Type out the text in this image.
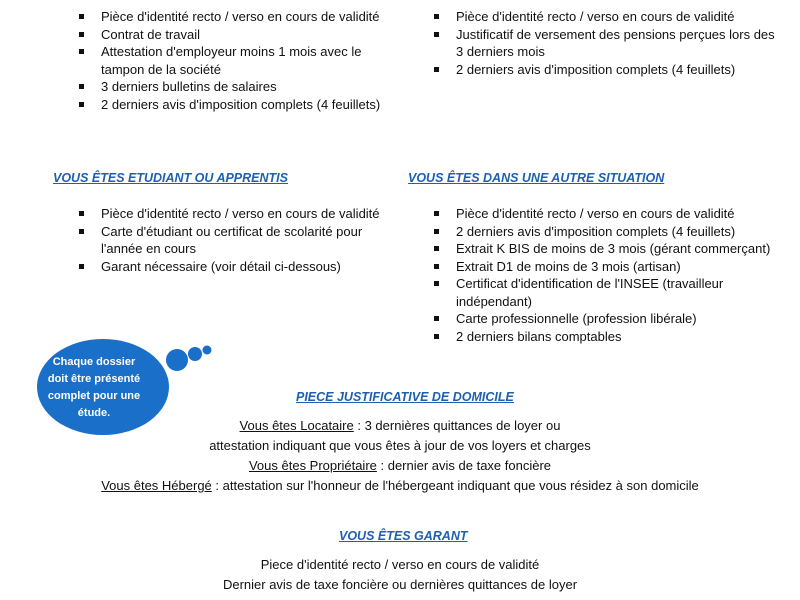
Pièce d'identité recto / verso en cours de validité
Contrat de travail
Attestation d'employeur moins 1 mois avec le tampon de la société
3 derniers bulletins de salaires
2 derniers avis d'imposition complets (4 feuillets)
Pièce d'identité recto / verso en cours de validité
Justificatif de versement des pensions perçues lors des 3 derniers mois
2 derniers avis d'imposition complets (4 feuillets)
VOUS ÊTES ETUDIANT OU APPRENTIS
Pièce d'identité recto / verso en cours de validité
Carte d'étudiant ou certificat de scolarité pour l'année en cours
Garant nécessaire (voir détail ci-dessous)
VOUS ÊTES DANS UNE AUTRE SITUATION
Pièce d'identité recto / verso en cours de validité
2 derniers avis d'imposition complets (4 feuillets)
Extrait K BIS de moins de 3 mois (gérant commerçant)
Extrait D1 de moins de 3 mois (artisan)
Certificat d'identification de l'INSEE (travailleur indépendant)
Carte professionnelle (profession libérale)
2 derniers bilans comptables
Chaque dossier doit être présenté complet pour une étude.
PIECE JUSTIFICATIVE DE DOMICILE
Vous êtes Locataire : 3 dernières quittances de loyer ou
attestation indiquant que vous êtes à jour de vos loyers et charges
Vous êtes Propriétaire : dernier avis de taxe foncière
Vous êtes Hébergé : attestation sur l'honneur de l'hébergeant indiquant que vous résidez à son domicile
VOUS ÊTES GARANT
Piece d'identité recto / verso en cours de validité
Dernier avis de taxe foncière ou dernières quittances de loyer
